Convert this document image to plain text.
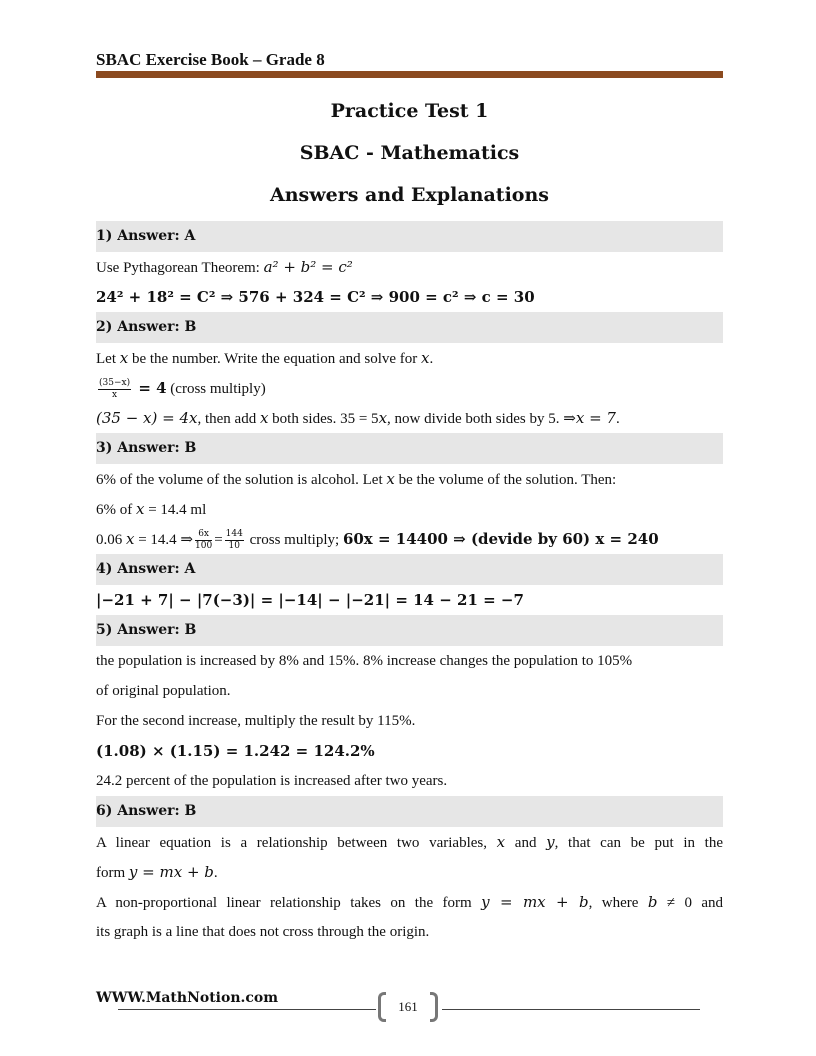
SBAC Exercise Book – Grade 8
Practice Test 1
SBAC - Mathematics
Answers and Explanations
1) Answer: A
Use Pythagorean Theorem: a² + b² = c²
24² + 18² = C² ⇒ 576 + 324 = C² ⇒ 900 = c² ⇒ c = 30
2) Answer: B
Let x be the number. Write the equation and solve for x.
$\frac{(35-x)}{x} = 4$ (cross multiply)
(35 − x) = 4x, then add x both sides. 35 = 5x, now divide both sides by 5. ⇒x = 7.
3) Answer: B
6% of the volume of the solution is alcohol. Let x be the volume of the solution. Then:
6% of x = 14.4 ml
0.06 x = 14.4 ⇒ $\frac{6x}{100} = \frac{144}{10}$ cross multiply; 60x = 14400 ⇒ (devide by 60) x = 240
4) Answer: A
|−21 + 7| − |7(−3)| = |−14| − |−21| = 14 − 21 = −7
5) Answer: B
the population is increased by 8% and 15%. 8% increase changes the population to 105%
of original population.
For the second increase, multiply the result by 115%.
(1.08) × (1.15) = 1.242 = 124.2%
24.2 percent of the population is increased after two years.
6) Answer: B
A linear equation is a relationship between two variables, x and y, that can be put in the
form y = mx + b.
A non-proportional linear relationship takes on the form y = mx + b, where b ≠ 0 and
its graph is a line that does not cross through the origin.
WWW.MathNotion.com
161
